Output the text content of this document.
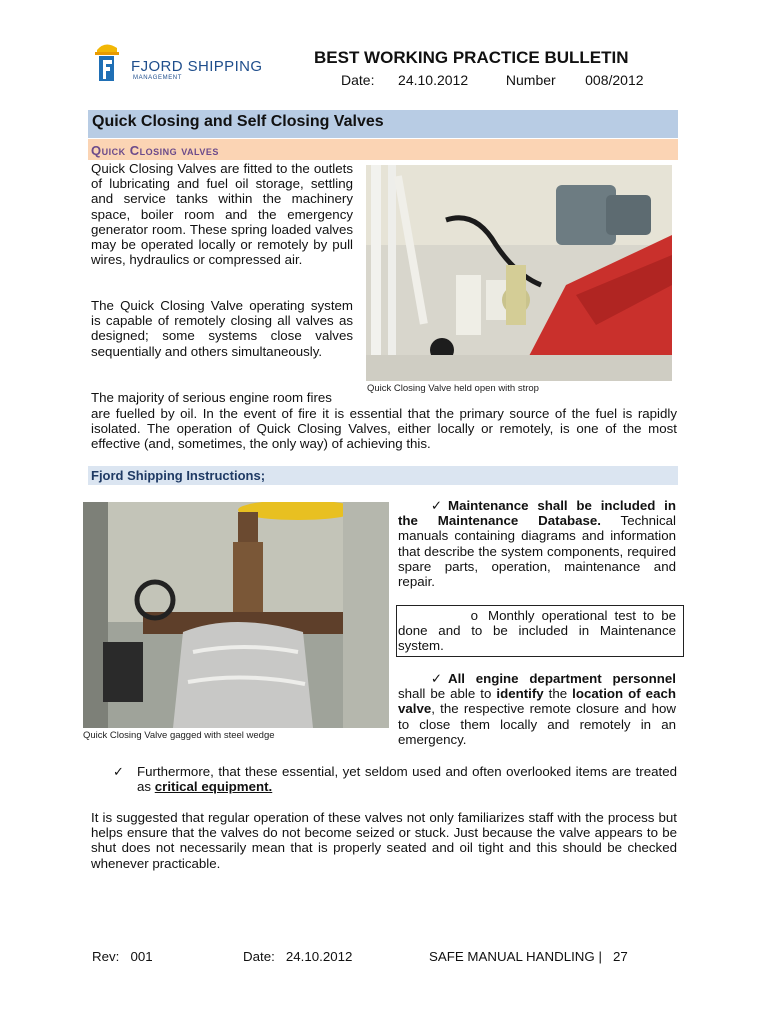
FJORD SHIPPING
MANAGEMENT
BEST WORKING PRACTICE BULLETIN
Date: 24.10.2012	Number 008/2012
Quick Closing and Self Closing Valves
Quick Closing valves
Quick Closing Valves are fitted to the outlets of lubricating and fuel oil storage, settling and service tanks within the machinery space, boiler room and the emergency generator room. These spring loaded valves may be operated locally or remotely by pull wires, hydraulics or compressed air.
The Quick Closing Valve operating system is capable of remotely closing all valves as designed; some systems close valves sequentially and others simultaneously.
The majority of serious engine room fires
are fuelled by oil. In the event of fire it is essential that the primary source of the fuel is rapidly isolated. The operation of Quick Closing Valves, either locally or remotely, is one of the most effective (and, sometimes, the only way) of achieving this.
Quick Closing Valve held open with strop
Fjord Shipping Instructions;
Quick Closing Valve gagged with steel wedge
✓ Maintenance shall be included in the Maintenance Database. Technical manuals containing diagrams and information that describe the system components, required spare parts, operation, maintenance and repair.
o Monthly operational test to be done and to be included in Maintenance system.
✓ All engine department personnel shall be able to identify the location of each valve, the respective remote closure and how to close them locally and remotely in an emergency.
✓ Furthermore, that these essential, yet seldom used and often overlooked items are treated as critical equipment.
It is suggested that regular operation of these valves not only familiarizes staff with the process but helps ensure that the valves do not become seized or stuck. Just because the valve appears to be shut does not necessarily mean that is properly seated and oil tight and this should be checked whenever practicable.
Rev: 001	Date: 24.10.2012	SAFE MANUAL HANDLING | 27
